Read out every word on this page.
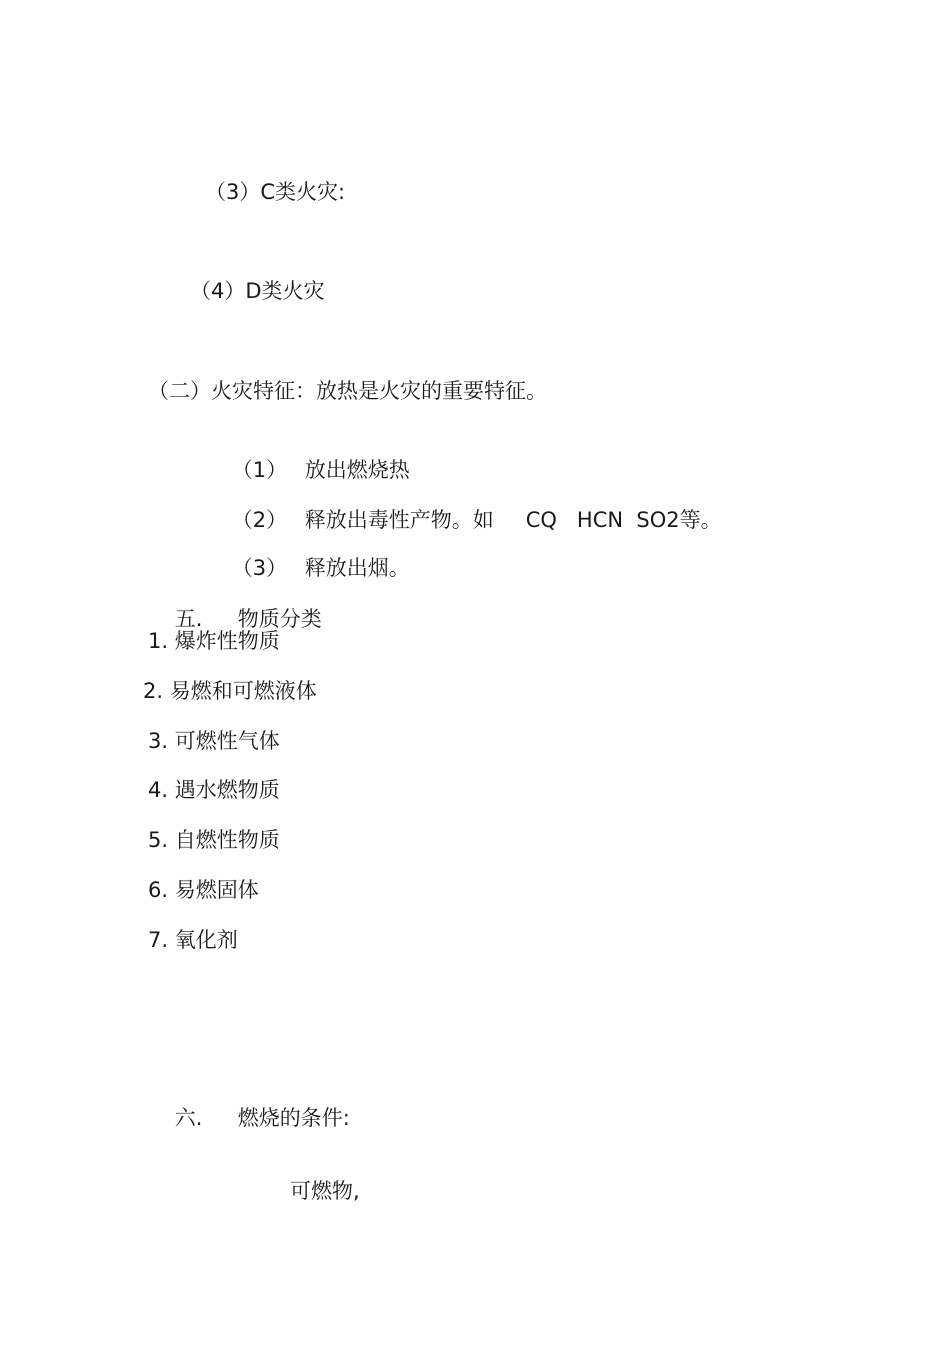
（3）C类火灾:
（4）D类火灾
（二）火灾特征：放热是火灾的重要特征。

（1） 放出燃烧热

（2） 释放出毒性产物。如 CQ   HCN  SO2等。

（3） 释放出烟。

五. 物质分类

1. 爆炸性物质
2. 易燃和可燃液体
3. 可燃性气体
4. 遇水燃物质
5. 自燃性物质
6. 易燃固体
7. 氧化剂

六. 燃烧的条件:

可燃物,
